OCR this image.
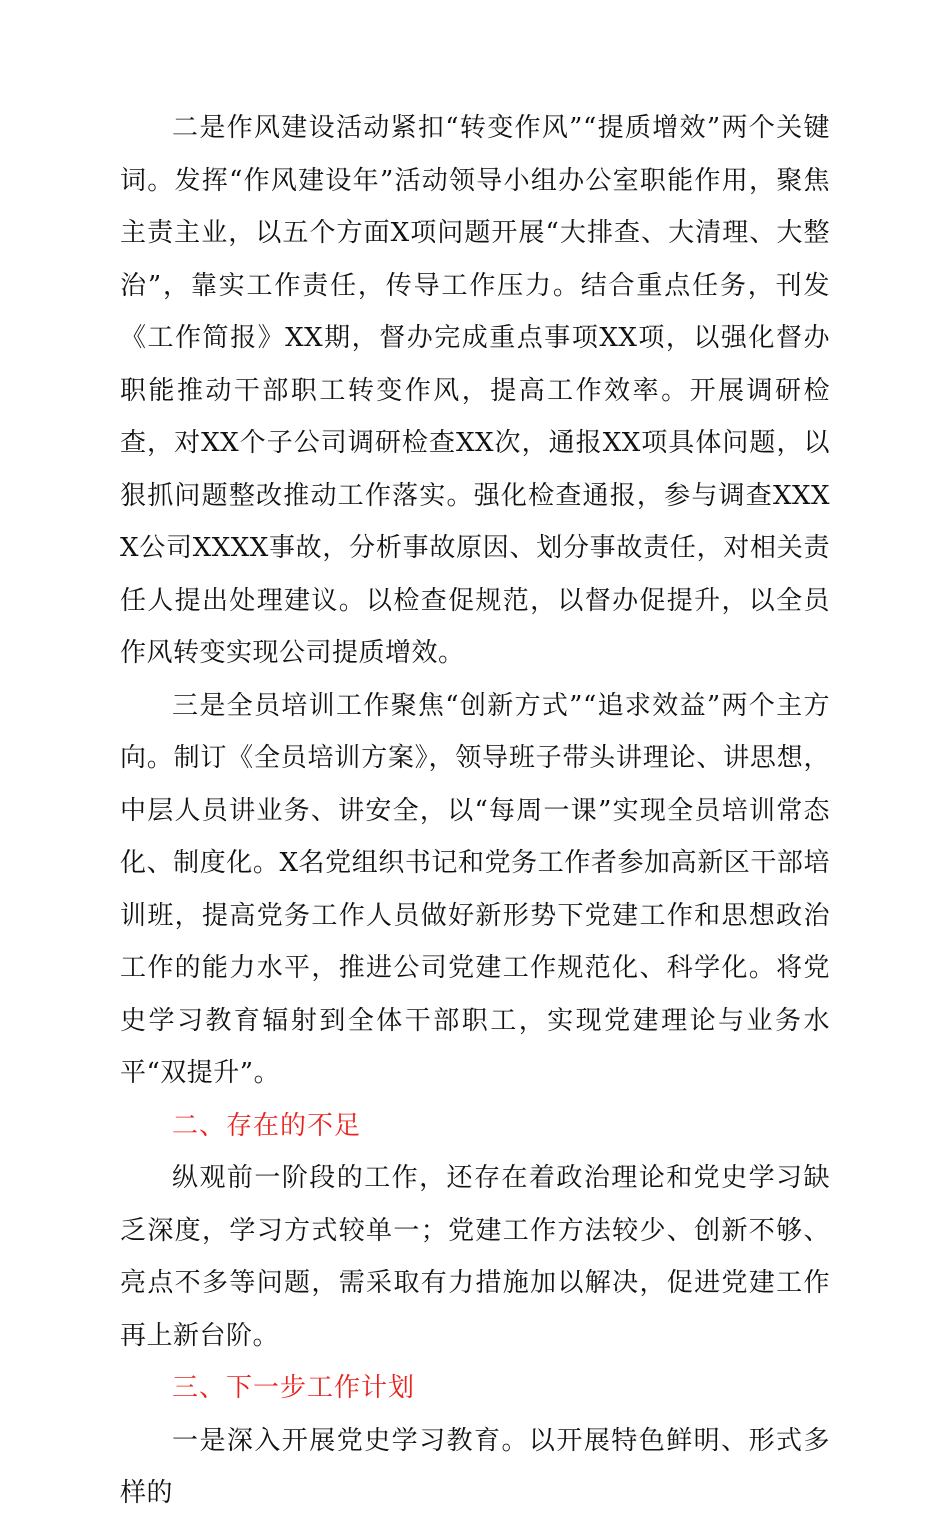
二是作风建设活动紧扣“转变作风”“提质增效”两个关键词。发挥“作风建设年”活动领导小组办公室职能作用，聚焦主责主业，以五个方面X项问题开展“大排查、大清理、大整治”，靠实工作责任，传导工作压力。结合重点任务，刊发《工作简报》XX期，督办完成重点事项XX项，以强化督办职能推动干部职工转变作风，提高工作效率。开展调研检查，对XX个子公司调研检查XX次，通报XX项具体问题，以狠抓问题整改推动工作落实。强化检查通报，参与调查XXXX公司XXXX事故，分析事故原因、划分事故责任，对相关责任人提出处理建议。以检查促规范，以督办促提升，以全员作风转变实现公司提质增效。

三是全员培训工作聚焦“创新方式”“追求效益”两个主方向。制订《全员培训方案》，领导班子带头讲理论、讲思想，中层人员讲业务、讲安全，以“每周一课”实现全员培训常态化、制度化。X名党组织书记和党务工作者参加高新区干部培训班，提高党务工作人员做好新形势下党建工作和思想政治工作的能力水平，推进公司党建工作规范化、科学化。将党史学习教育辐射到全体干部职工，实现党建理论与业务水平“双提升”。

二、存在的不足

纵观前一阶段的工作，还存在着政治理论和党史学习缺乏深度，学习方式较单一；党建工作方法较少、创新不够、亮点不多等问题，需采取有力措施加以解决，促进党建工作再上新台阶。

三、下一步工作计划

一是深入开展党史学习教育。以开展特色鲜明、形式多样的
